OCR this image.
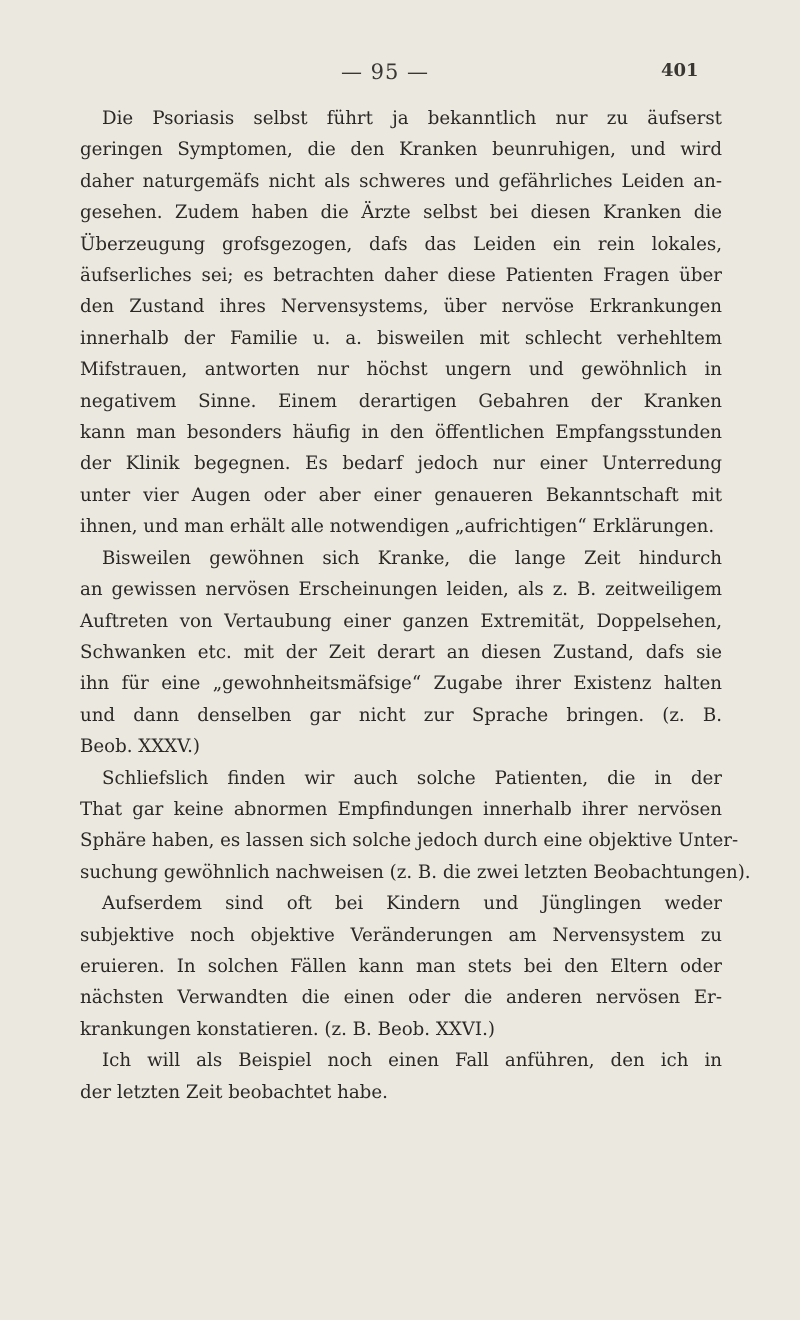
— 95 —	401
Die Psoriasis selbst führt ja bekanntlich nur zu äufserst
geringen Symptomen, die den Kranken beunruhigen, und wird
daher naturgemäfs nicht als schweres und gefährliches Leiden an-
gesehen. Zudem haben die Ärzte selbst bei diesen Kranken die
Überzeugung grofsgezogen, dafs das Leiden ein rein lokales,
äufserliches sei; es betrachten daher diese Patienten Fragen über
den Zustand ihres Nervensystems, über nervöse Erkrankungen
innerhalb der Familie u. a. bisweilen mit schlecht verhehltem
Mifstrauen, antworten nur höchst ungern und gewöhnlich in
negativem Sinne. Einem derartigen Gebahren der Kranken
kann man besonders häufig in den öffentlichen Empfangsstunden
der Klinik begegnen. Es bedarf jedoch nur einer Unterredung
unter vier Augen oder aber einer genaueren Bekanntschaft mit
ihnen, und man erhält alle notwendigen „aufrichtigen“ Erklärungen.
Bisweilen gewöhnen sich Kranke, die lange Zeit hindurch
an gewissen nervösen Erscheinungen leiden, als z. B. zeitweiligem
Auftreten von Vertaubung einer ganzen Extremität, Doppelsehen,
Schwanken etc. mit der Zeit derart an diesen Zustand, dafs sie
ihn für eine „gewohnheitsmäfsige“ Zugabe ihrer Existenz halten
und dann denselben gar nicht zur Sprache bringen. (z. B.
Beob. XXXV.)
Schliefslich finden wir auch solche Patienten, die in der
That gar keine abnormen Empfindungen innerhalb ihrer nervösen
Sphäre haben, es lassen sich solche jedoch durch eine objektive Unter-
suchung gewöhnlich nachweisen (z. B. die zwei letzten Beobachtungen).
Aufserdem sind oft bei Kindern und Jünglingen weder
subjektive noch objektive Veränderungen am Nervensystem zu
eruieren. In solchen Fällen kann man stets bei den Eltern oder
nächsten Verwandten die einen oder die anderen nervösen Er-
krankungen konstatieren. (z. B. Beob. XXVI.)
Ich will als Beispiel noch einen Fall anführen, den ich in
der letzten Zeit beobachtet habe.
